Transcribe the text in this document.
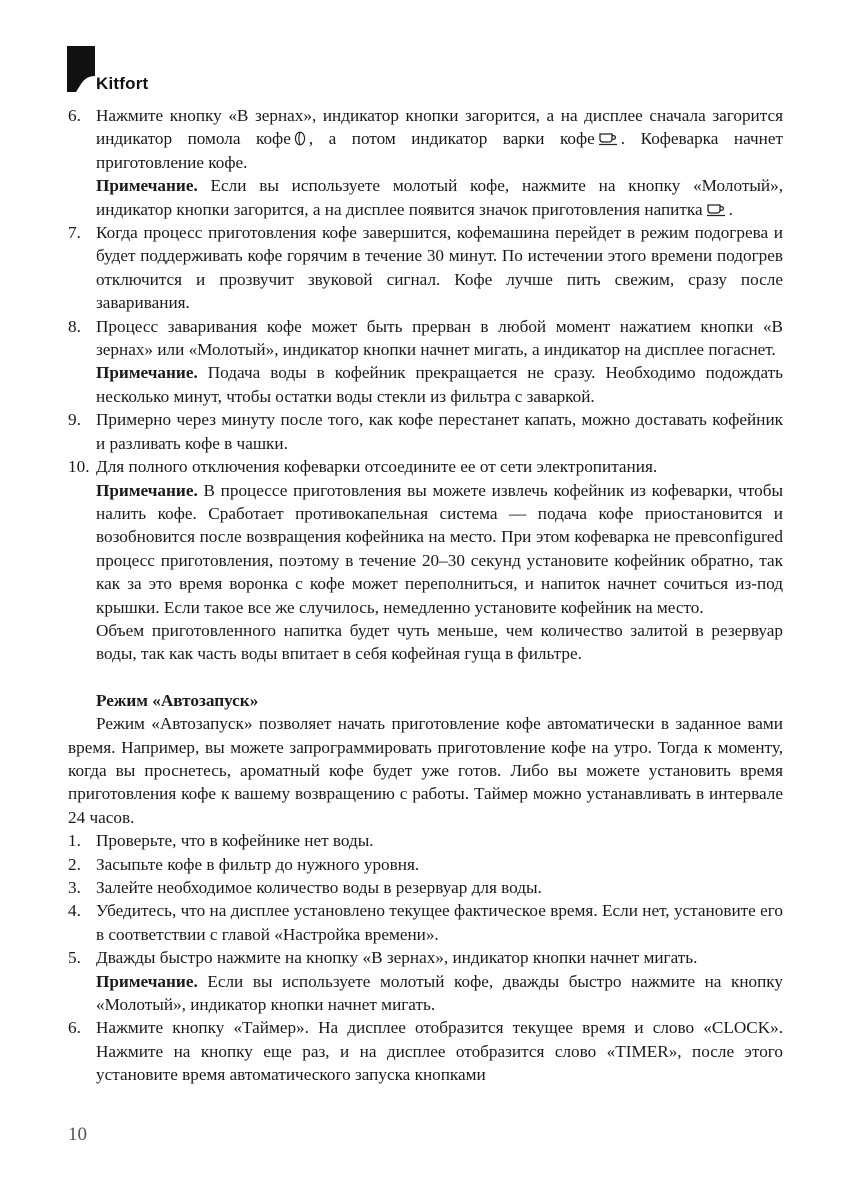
Kitfort
6. Нажмите кнопку «В зернах», индикатор кнопки загорится, а на дисплее сначала загорится индикатор помола кофе , а потом индикатор варки кофе . Кофеварка начнет приготовление кофе.

Примечание. Если вы используете молотый кофе, нажмите на кнопку «Молотый», индикатор кнопки загорится, а на дисплее появится значок приготовления напитка .

7. Когда процесс приготовления кофе завершится, кофемашина перейдет в режим подогрева и будет поддерживать кофе горячим в течение 30 минут. По истечении этого времени подогрев отключится и прозвучит звуковой сигнал. Кофе лучше пить свежим, сразу после заваривания.

8. Процесс заваривания кофе может быть прерван в любой момент нажатием кнопки «В зернах» или «Молотый», индикатор кнопки начнет мигать, а индикатор на дисплее погаснет.

Примечание. Подача воды в кофейник прекращается не сразу. Необходимо подождать несколько минут, чтобы остатки воды стекли из фильтра с заваркой.

9. Примерно через минуту после того, как кофе перестанет капать, можно доставать кофейник и разливать кофе в чашки.

10. Для полного отключения кофеварки отсоедините ее от сети электропитания.

Примечание. В процессе приготовления вы можете извлечь кофейник из кофеварки, чтобы налить кофе. Сработает противокапельная система — подача кофе приостановится и возобновится после возвращения кофейника на место. При этом кофеварка не превconfigured процесс приготовления, поэтому в течение 20–30 секунд установите кофейник обратно, так как за это время воронка с кофе может переполниться, и напиток начнет сочиться из-под крышки. Если такое все же случилось, немедленно установите кофейник на место.

Объем приготовленного напитка будет чуть меньше, чем количество залитой в резервуар воды, так как часть воды впитает в себя кофейная гуща в фильтре.

Режим «Автозапуск»

Режим «Автозапуск» позволяет начать приготовление кофе автоматически в заданное вами время. Например, вы можете запрограммировать приготовление кофе на утро. Тогда к моменту, когда вы проснетесь, ароматный кофе будет уже готов. Либо вы можете установить время приготовления кофе к вашему возвращению с работы. Таймер можно устанавливать в интервале 24 часов.

1. Проверьте, что в кофейнике нет воды.

2. Засыпьте кофе в фильтр до нужного уровня.

3. Залейте необходимое количество воды в резервуар для воды.

4. Убедитесь, что на дисплее установлено текущее фактическое время. Если нет, установите его в соответствии с главой «Настройка времени».

5. Дважды быстро нажмите на кнопку «В зернах», индикатор кнопки начнет мигать.

Примечание. Если вы используете молотый кофе, дважды быстро нажмите на кнопку «Молотый», индикатор кнопки начнет мигать.

6. Нажмите кнопку «Таймер». На дисплее отобразится текущее время и слово «CLOCK». Нажмите на кнопку еще раз, и на дисплее отобразится слово «TIMER», после этого установите время автоматического запуска кнопками

10
